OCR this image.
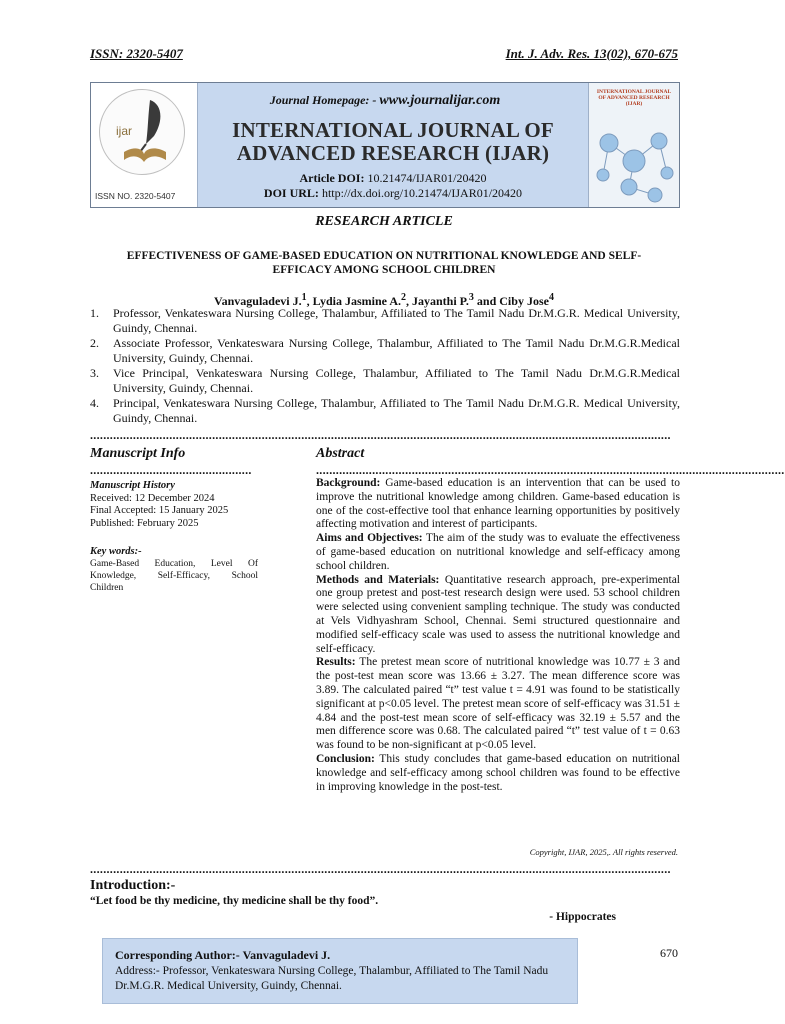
ISSN: 2320-5407	Int. J. Adv. Res. 13(02), 670-675
ijar
ISSN NO. 2320-5407
Journal Homepage: - www.journalijar.com
INTERNATIONAL JOURNAL OF
ADVANCED RESEARCH (IJAR)
Article DOI: 10.21474/IJAR01/20420
DOI URL: http://dx.doi.org/10.21474/IJAR01/20420
INTERNATIONAL JOURNAL OF ADVANCED RESEARCH (IJAR)
RESEARCH ARTICLE
EFFECTIVENESS OF GAME-BASED EDUCATION ON NUTRITIONAL KNOWLEDGE AND SELF-EFFICACY AMONG SCHOOL CHILDREN
Vanvaguladevi J.$^1$, Lydia Jasmine A.$^2$, Jayanthi P.$^3$ and Ciby Jose$^4$
1. Professor, Venkateswara Nursing College, Thalambur, Affiliated to The Tamil Nadu Dr.M.G.R. Medical University, Guindy, Chennai.
2. Associate Professor, Venkateswara Nursing College, Thalambur, Affiliated to The Tamil Nadu Dr.M.G.R.Medical University, Guindy, Chennai.
3. Vice Principal, Venkateswara Nursing College, Thalambur, Affiliated to The Tamil Nadu Dr.M.G.R.Medical University, Guindy, Chennai.
4. Principal, Venkateswara Nursing College, Thalambur, Affiliated to The Tamil Nadu Dr.M.G.R. Medical University, Guindy, Chennai.
................................................................................................................................................................................
Manuscript Info
.................................................
Manuscript History
Received: 12 December 2024
Final Accepted: 15 January 2025
Published: February 2025
Key words:-
Game-Based Education, Level Of Knowledge, Self-Efficacy, School Children
Abstract
..............................................................................................................................................

Background: Game-based education is an intervention that can be used to improve the nutritional knowledge among children. Game-based education is one of the cost-effective tool that enhance learning opportunities by positively affecting motivation and interest of participants.

Aims and Objectives: The aim of the study was to evaluate the effectiveness of game-based education on nutritional knowledge and self-efficacy among school children.

Methods and Materials: Quantitative research approach, pre-experimental one group pretest and post-test research design were used. 53 school children were selected using convenient sampling technique. The study was conducted at Vels Vidhyashram School, Chennai. Semi structured questionnaire and modified self-efficacy scale was used to assess the nutritional knowledge and self-efficacy.

Results: The pretest mean score of nutritional knowledge was 10.77 ± 3 and the post-test mean score was 13.66 ± 3.27. The mean difference score was 3.89. The calculated paired “t” test value t = 4.91 was found to be statistically significant at p<0.05 level. The pretest mean score of self-efficacy was 31.51 ± 4.84 and the post-test mean score of self-efficacy was 32.19 ± 5.57 and the men difference score was 0.68. The calculated paired “t” test value of t = 0.63 was found to be non-significant at p<0.05 level.

Conclusion: This study concludes that game-based education on nutritional knowledge and self-efficacy among school children was found to be effective in improving knowledge in the post-test.

Copyright, IJAR, 2025,. All rights reserved.
................................................................................................................................................................................
Introduction:-
“Let food be thy medicine, thy medicine shall be thy food”.
- Hippocrates
Corresponding Author:- Vanvaguladevi J.
Address:- Professor, Venkateswara Nursing College, Thalambur, Affiliated to The Tamil Nadu Dr.M.G.R. Medical University, Guindy, Chennai.
670
